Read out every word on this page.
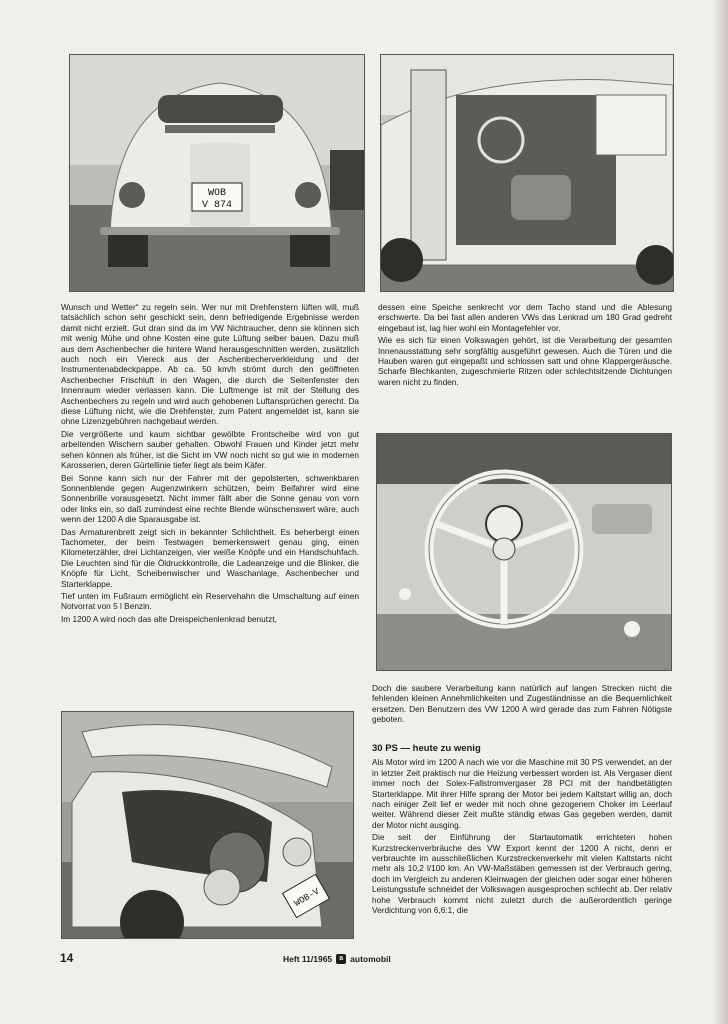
WOB
V 874
WOB-V

Wunsch und Wetter“ zu regeln sein. Wer nur mit Drehfenstern lüften will, muß tatsächlich schon sehr geschickt sein, denn befriedigende Ergebnisse werden damit nicht erzielt. Gut dran sind da im VW Nichtraucher, denn sie können sich mit wenig Mühe und ohne Kosten eine gute Lüftung selber bauen. Dazu muß aus dem Aschenbecher die hintere Wand herausgeschnitten werden, zusätzlich auch noch ein Viereck aus der Aschenbecherverkleidung und der Instrumentenabdeckpappe. Ab ca. 50 km/h strömt durch den geöffneten Aschenbecher Frischluft in den Wagen, die durch die Seitenfenster den Innenraum wieder verlassen kann. Die Luftmenge ist mit der Stellung des Aschenbechers zu regeln und wird auch gehobenen Luftansprüchen gerecht. Da diese Lüftung nicht, wie die Drehfenster, zum Patent angemeldet ist, kann sie ohne Lizenzgebühren nachgebaut werden.

Die vergrößerte und kaum sichtbar gewölbte Frontscheibe wird von gut arbeitenden Wischern sauber gehalten. Obwohl Frauen und Kinder jetzt mehr sehen können als früher, ist die Sicht im VW noch nicht so gut wie in modernen Karosserien, deren Gürtellinie tiefer liegt als beim Käfer.

Bei Sonne kann sich nur der Fahrer mit der gepolsterten, schwenkbaren Sonnenblende gegen Augenzwinkern schützen, beim Beifahrer wird eine Sonnenbrille vorausgesetzt. Nicht immer fällt aber die Sonne genau von vorn oder links ein, so daß zumindest eine rechte Blende wünschenswert wäre, auch wenn der 1200 A die Sparausgabe ist.

Das Armaturenbrett zeigt sich in bekannter Schlichtheit. Es beherbergt einen Tachometer, der beim Testwagen bemerkenswert genau ging, einen Kilometerzähler, drei Lichtanzeigen, vier weiße Knöpfe und ein Handschuhfach. Die Leuchten sind für die Öldruckkontrolle, die Ladeanzeige und die Blinker, die Knöpfe für Licht, Scheibenwischer und Waschanlage, Aschenbecher und Starterklappe.

Tief unten im Fußraum ermöglicht ein Reservehahn die Umschaltung auf einen Notvorrat von 5 l Benzin.

Im 1200 A wird noch das alte Dreispeichenlenkrad benutzt,

dessen eine Speiche senkrecht vor dem Tacho stand und die Ablesung erschwerte. Da bei fast allen anderen VWs das Lenkrad um 180 Grad gedreht eingebaut ist, lag hier wohl ein Montagefehler vor.

Wie es sich für einen Volkswagen gehört, ist die Verarbeitung der gesamten Innenausstattung sehr sorgfältig ausgeführt gewesen. Auch die Türen und die Hauben waren gut eingepaßt und schlossen satt und ohne Klappergeräusche. Scharfe Blechkanten, zugeschmierte Ritzen oder schlechtsitzende Dichtungen waren nicht zu finden.

Doch die saubere Verarbeitung kann natürlich auf langen Strecken nicht die fehlenden kleinen Annehmlichkeiten und Zugeständnisse an die Bequemlichkeit ersetzen. Den Benutzern des VW 1200 A wird gerade das zum Fahren Nötigste geboten.

30 PS — heute zu wenig

Als Motor wird im 1200 A nach wie vor die Maschine mit 30 PS verwendet, an der in letzter Zeit praktisch nur die Heizung verbessert worden ist. Als Vergaser dient immer noch der Solex-Fallstromvergaser 28 PCI mit der handbetätigten Starterklappe. Mit ihrer Hilfe sprang der Motor bei jedem Kaltstart willig an, doch nach einiger Zeit lief er weder mit noch ohne gezogenem Choker im Leerlauf weiter. Während dieser Zeit mußte ständig etwas Gas gegeben werden, damit der Motor nicht ausging.

Die seit der Einführung der Startautomatik errichteten hohen Kurzstreckenverbräuche des VW Export kennt der 1200 A nicht, denn er verbrauchte im ausschließlichen Kurzstreckenverkehr mit vielen Kaltstarts nicht mehr als 10,2 l/100 km. An VW-Maßstäben gemessen ist der Verbrauch gering, doch im Vergleich zu anderen Kleinwagen der gleichen oder sogar einer höheren Leistungsstufe schneidet der Volkswagen ausgesprochen schlecht ab. Der relativ hohe Verbrauch kommt nicht zuletzt durch die außerordentlich geringe Verdichtung von 6,6:1, die

14	Heft 11/1965	a automobil
